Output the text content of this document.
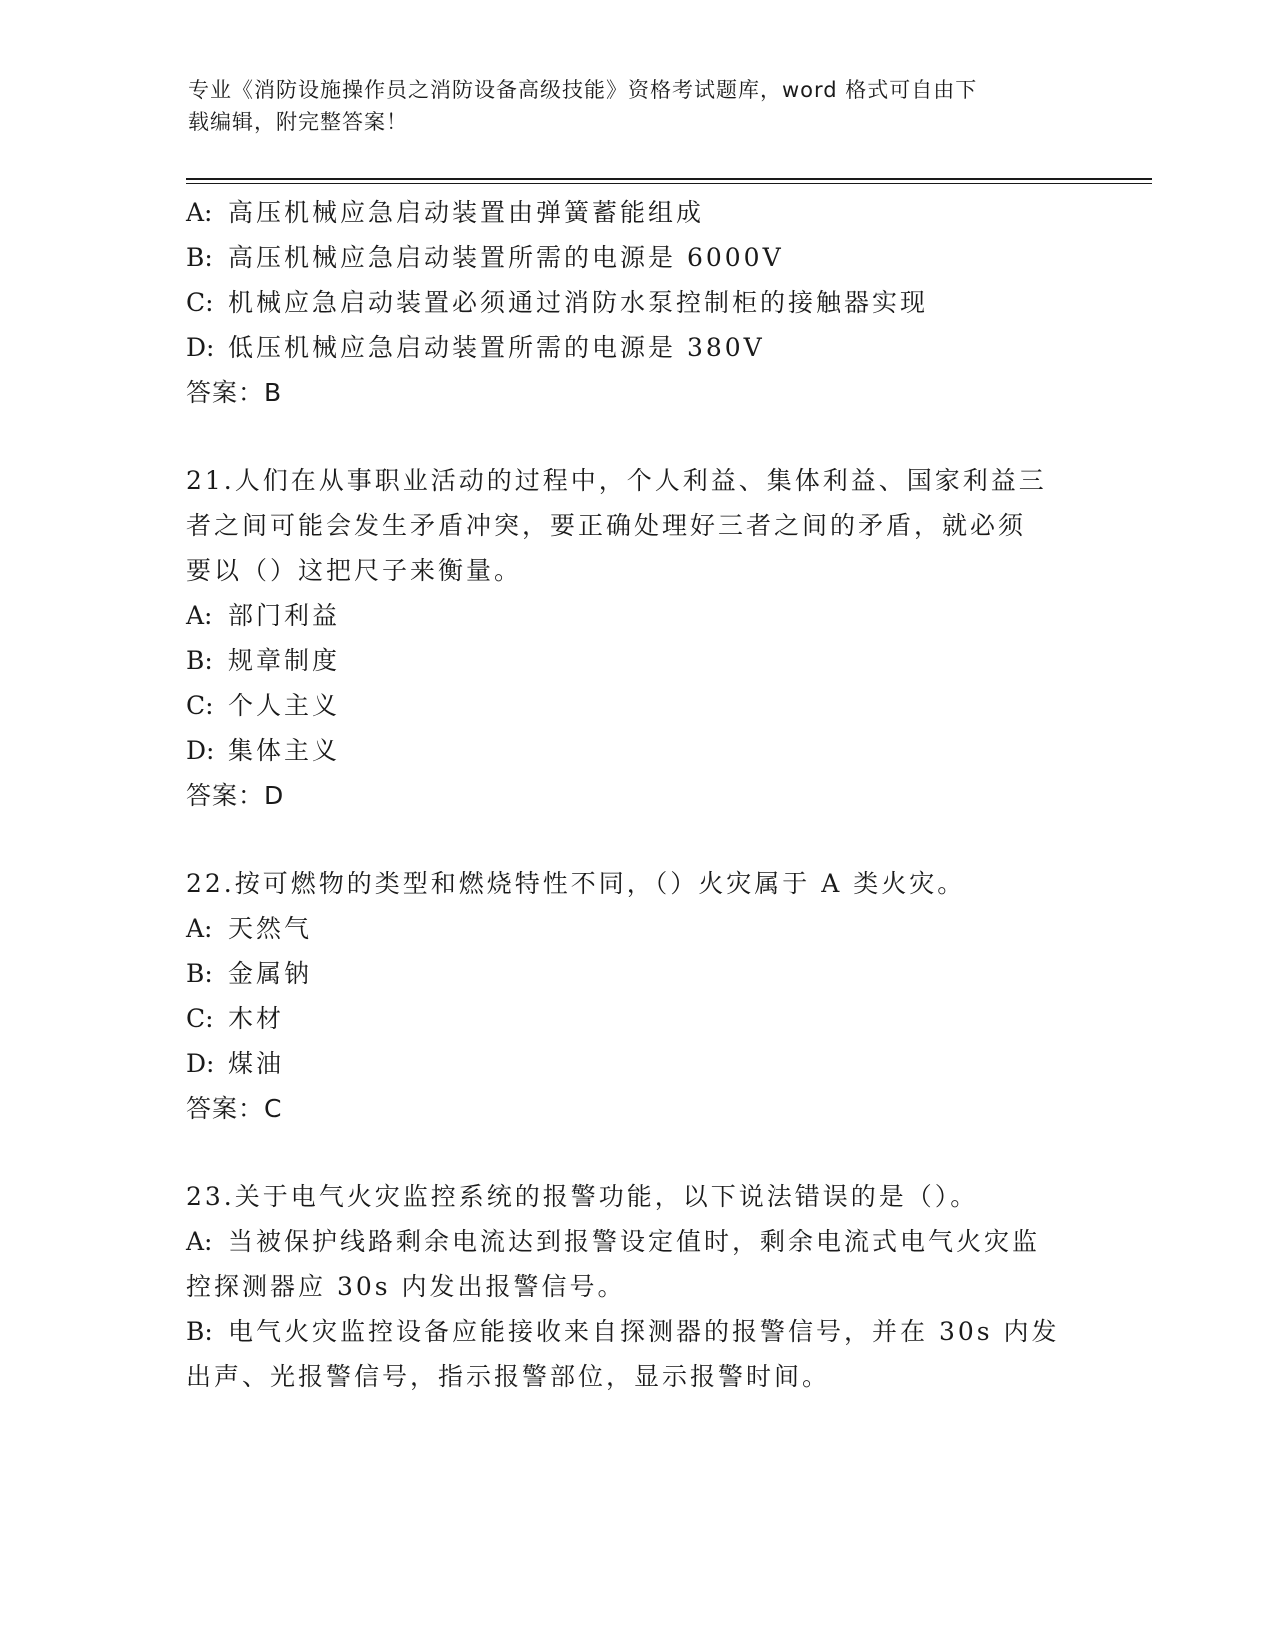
专业《消防设施操作员之消防设备高级技能》资格考试题库，word 格式可自由下
载编辑，附完整答案！
A: 高压机械应急启动装置由弹簧蓄能组成
B: 高压机械应急启动装置所需的电源是 6000V
C: 机械应急启动装置必须通过消防水泵控制柜的接触器实现
D: 低压机械应急启动装置所需的电源是 380V
答案：B
21.人们在从事职业活动的过程中，个人利益、集体利益、国家利益三
者之间可能会发生矛盾冲突，要正确处理好三者之间的矛盾，就必须
要以（）这把尺子来衡量。
A: 部门利益
B: 规章制度
C: 个人主义
D: 集体主义
答案：D
22.按可燃物的类型和燃烧特性不同，（）火灾属于 A 类火灾。
A: 天然气
B: 金属钠
C: 木材
D: 煤油
答案：C
23.关于电气火灾监控系统的报警功能，以下说法错误的是（）。
A: 当被保护线路剩余电流达到报警设定值时，剩余电流式电气火灾监
控探测器应 30s 内发出报警信号。
B: 电气火灾监控设备应能接收来自探测器的报警信号，并在 30s 内发
出声、光报警信号，指示报警部位，显示报警时间。
